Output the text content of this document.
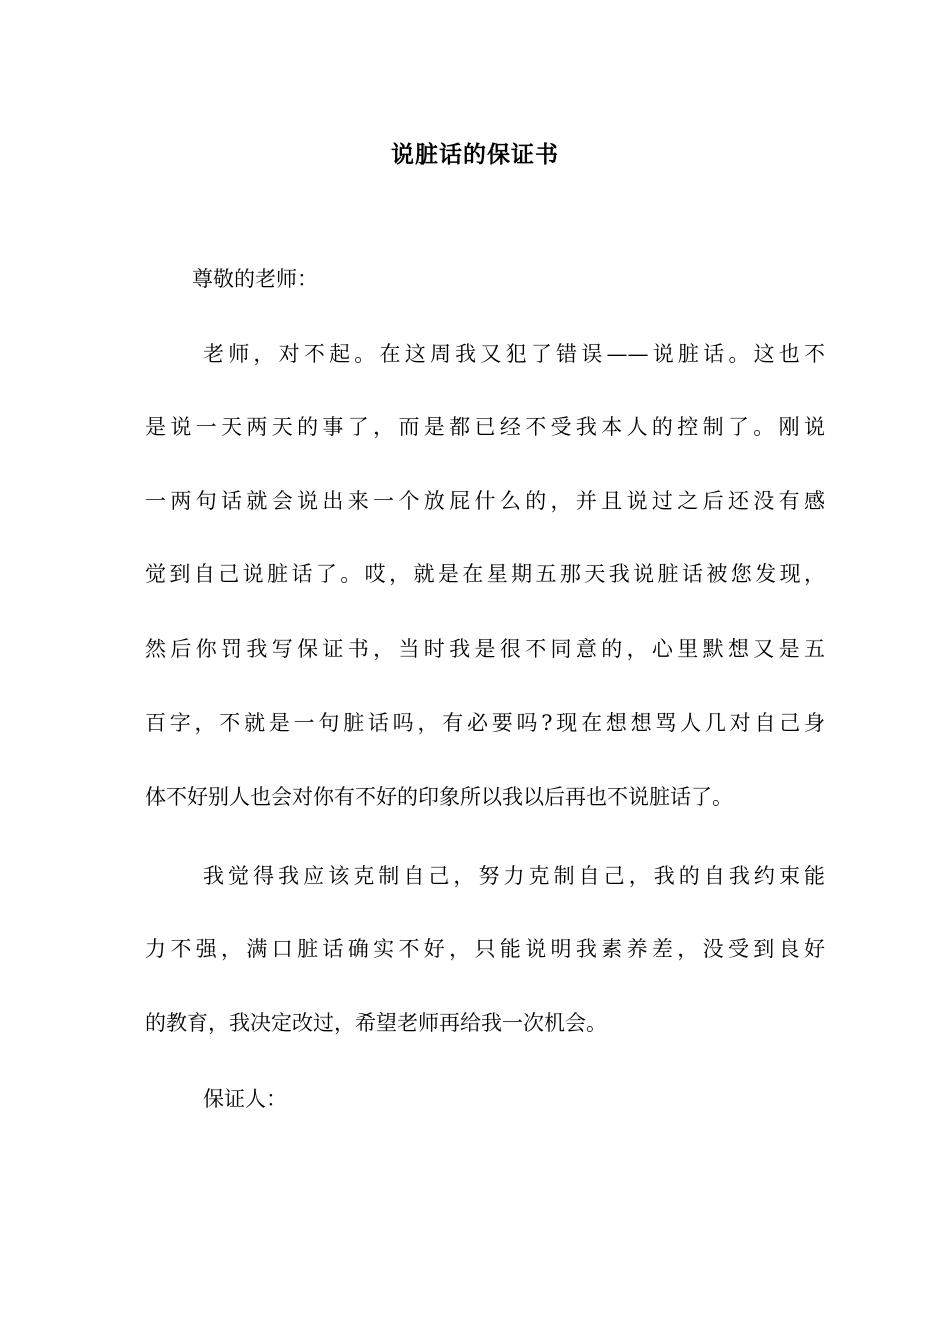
说脏话的保证书
尊敬的老师：
老师，对不起。在这周我又犯了错误——说脏话。这也不
是说一天两天的事了，而是都已经不受我本人的控制了。刚说
一两句话就会说出来一个放屁什么的，并且说过之后还没有感
觉到自己说脏话了。哎，就是在星期五那天我说脏话被您发现，
然后你罚我写保证书，当时我是很不同意的，心里默想又是五
百字，不就是一句脏话吗，有必要吗?现在想想骂人几对自己身
体不好别人也会对你有不好的印象所以我以后再也不说脏话了。
我觉得我应该克制自己，努力克制自己，我的自我约束能
力不强，满口脏话确实不好，只能说明我素养差，没受到良好
的教育，我决定改过，希望老师再给我一次机会。
保证人：
